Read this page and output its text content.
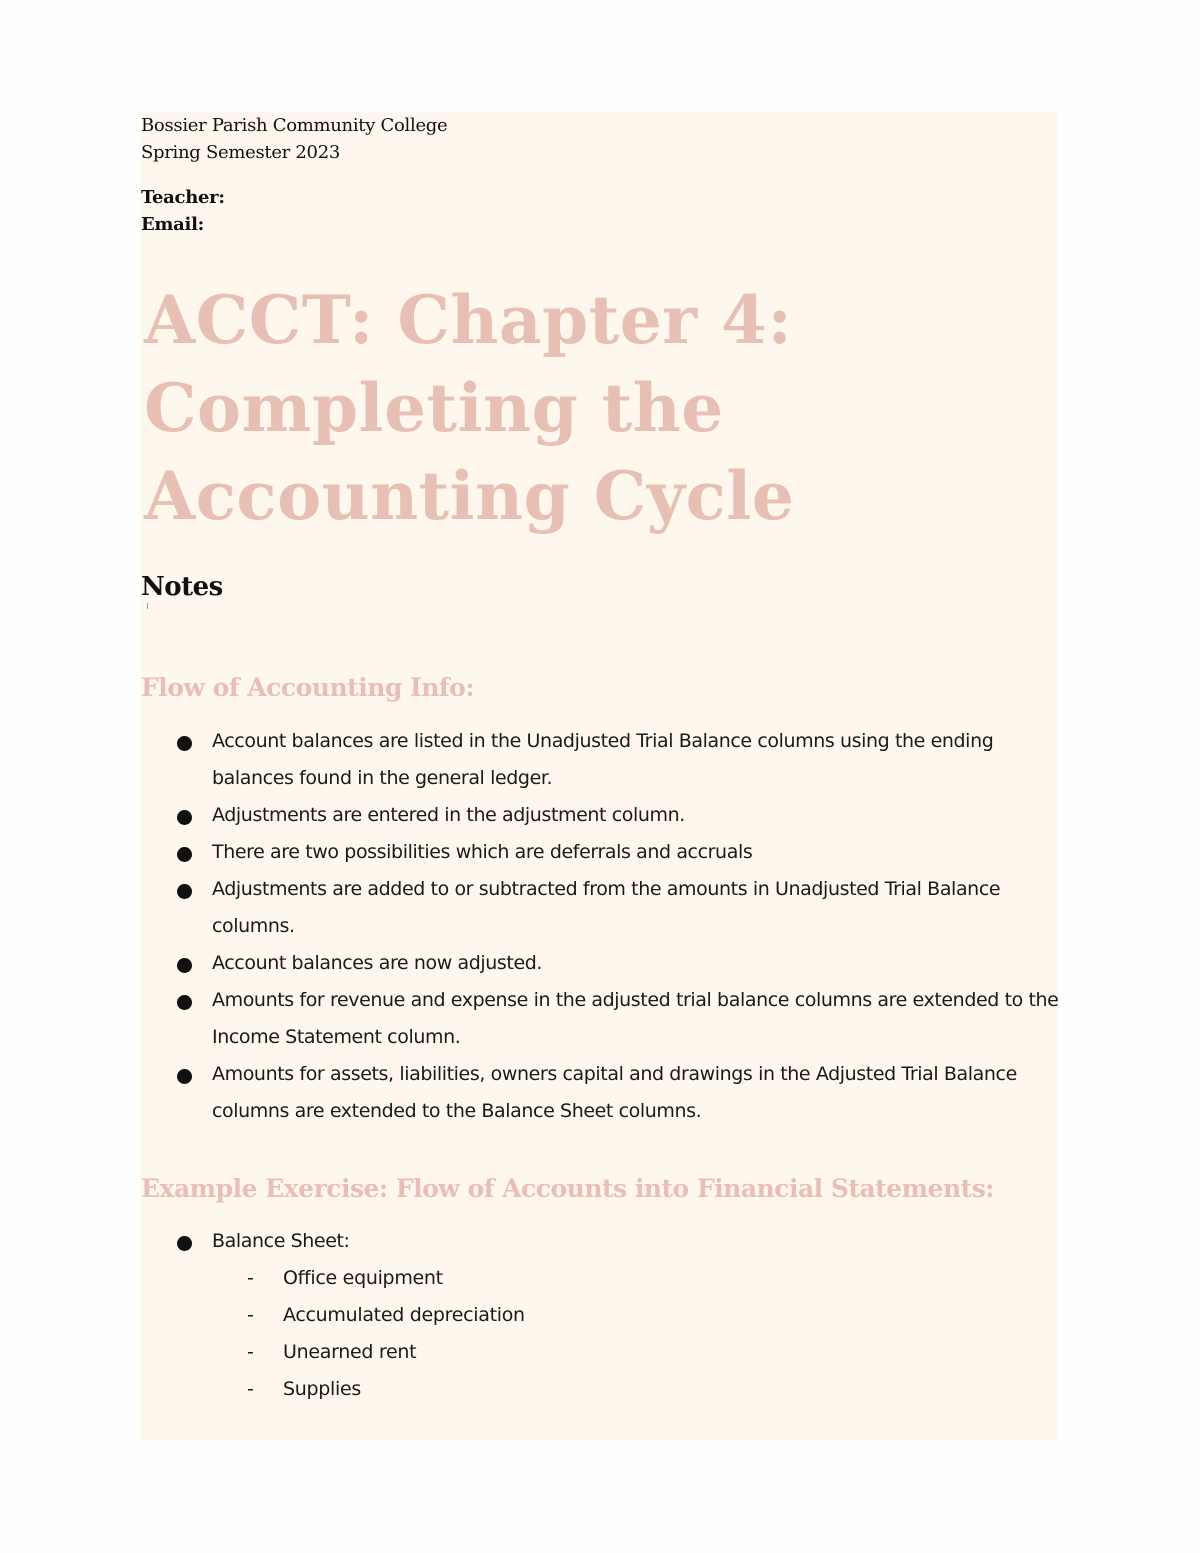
Bossier Parish Community College

Spring Semester 2023

Teacher:

Email:

ACCT: Chapter 4: Completing the Accounting Cycle
Notes
Flow of Accounting Info:
Account balances are listed in the Unadjusted Trial Balance columns using the ending balances found in the general ledger.
Adjustments are entered in the adjustment column.
There are two possibilities which are deferrals and accruals
Adjustments are added to or subtracted from the amounts in Unadjusted Trial Balance columns.
Account balances are now adjusted.
Amounts for revenue and expense in the adjusted trial balance columns are extended to the Income Statement column.
Amounts for assets, liabilities, owners capital and drawings in the Adjusted Trial Balance columns are extended to the Balance Sheet columns.
Example Exercise: Flow of Accounts into Financial Statements:
Balance Sheet:
- Office equipment
- Accumulated depreciation
- Unearned rent
- Supplies
